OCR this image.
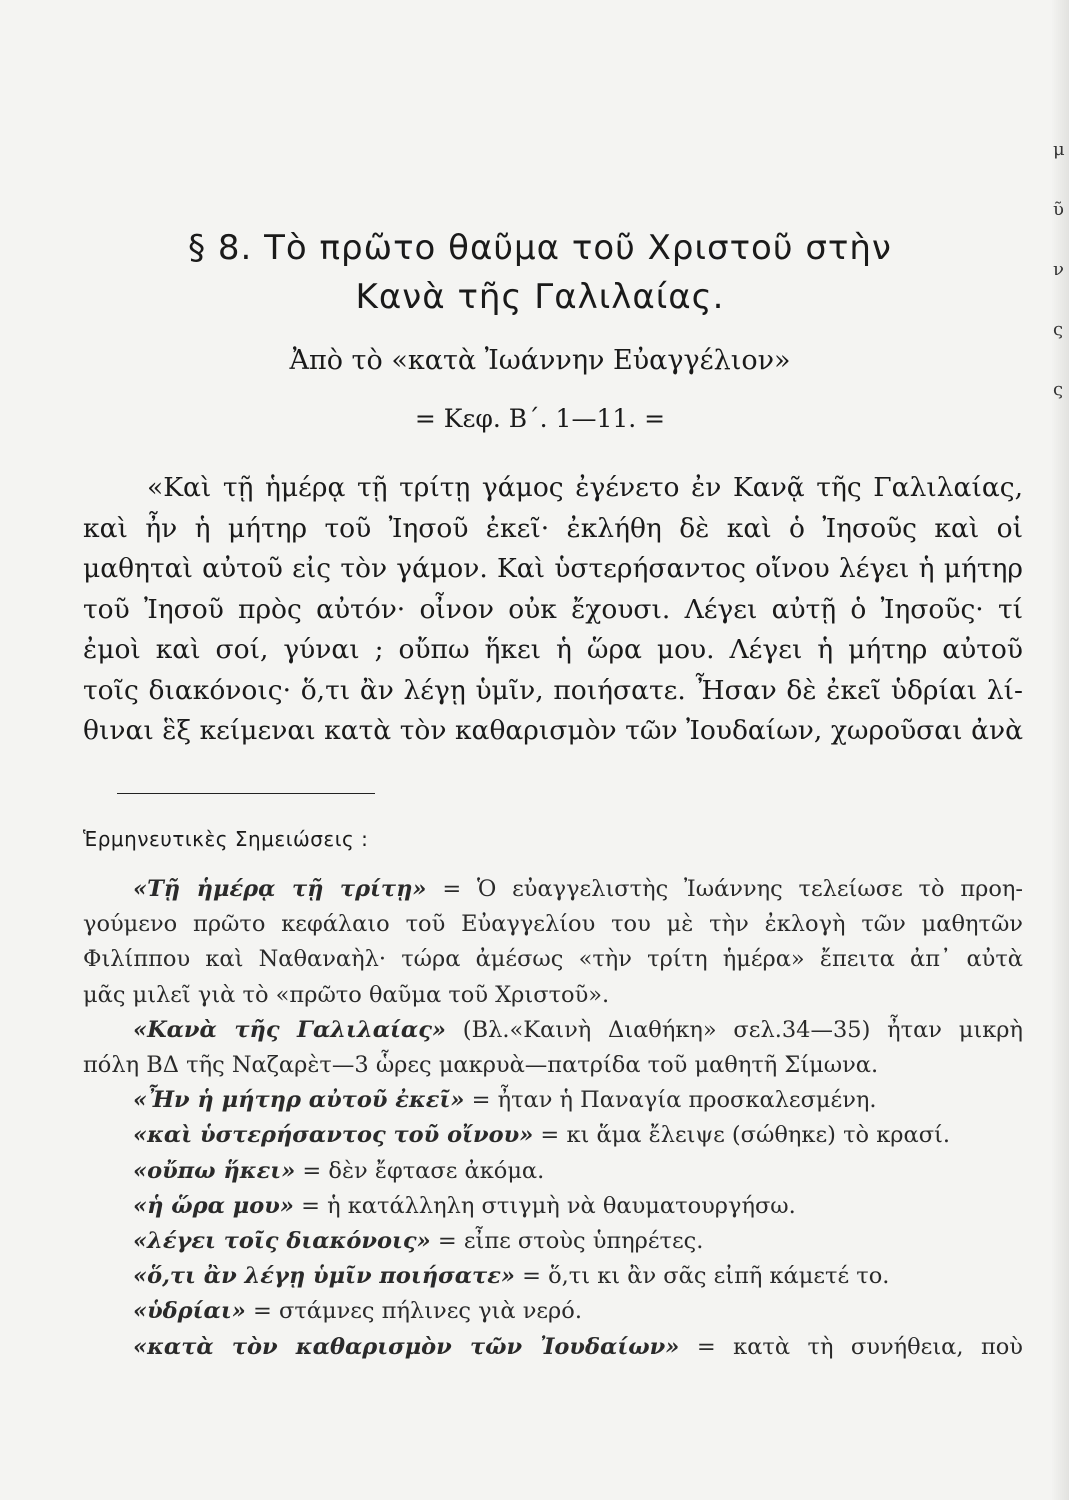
μ
ῦ
ν
ς
ς
§ 8. Τὸ πρῶτο θαῦμα τοῦ Χριστοῦ στὴν
Κανὰ τῆς Γαλιλαίας.
Ἀπὸ τὸ «κατὰ Ἰωάννην Εὐαγγέλιον»
= Κεφ. Β΄. 1—11. =
«Καὶ τῇ ἡμέρᾳ τῇ τρίτῃ γάμος ἐγένετο ἐν Κανᾷ τῆς Γαλιλαίας,
καὶ ἦν ἡ μήτηρ τοῦ Ἰησοῦ ἐκεῖ· ἐκλήθη δὲ καὶ ὁ Ἰησοῦς καὶ οἱ
μαθηταὶ αὐτοῦ εἰς τὸν γάμον. Καὶ ὑστερήσαντος οἴνου λέγει ἡ μήτηρ
τοῦ Ἰησοῦ πρὸς αὐτόν· οἶνον οὐκ ἔχουσι. Λέγει αὐτῇ ὁ Ἰησοῦς· τί
ἐμοὶ καὶ σοί, γύναι ; οὔπω ἥκει ἡ ὥρα μου. Λέγει ἡ μήτηρ αὐτοῦ
τοῖς διακόνοις· ὅ,τι ἂν λέγῃ ὑμῖν, ποιήσατε. Ἦσαν δὲ ἐκεῖ ὑδρίαι λί-
θιναι ἓξ κείμεναι κατὰ τὸν καθαρισμὸν τῶν Ἰουδαίων, χωροῦσαι ἀνὰ
Ἑρμηνευτικὲς Σημειώσεις :
«Τῇ ἡμέρᾳ τῇ τρίτῃ» = Ὁ εὐαγγελιστὴς Ἰωάννης τελείωσε τὸ προη-
γούμενο πρῶτο κεφάλαιο τοῦ Εὐαγγελίου του μὲ τὴν ἐκλογὴ τῶν μαθητῶν
Φιλίππου καὶ Ναθαναὴλ· τώρα ἀμέσως «τὴν τρίτη ἡμέρα» ἔπειτα ἀπ᾽ αὐτὰ
μᾶς μιλεῖ γιὰ τὸ «πρῶτο θαῦμα τοῦ Χριστοῦ».
«Κανὰ τῆς Γαλιλαίας» (Βλ.«Καινὴ Διαθήκη» σελ.34—35) ἦταν μικρὴ
πόλη ΒΔ τῆς Ναζαρὲτ—3 ὧρες μακρυὰ—πατρίδα τοῦ μαθητῆ Σίμωνα.
«Ἦν ἡ μήτηρ αὐτοῦ ἐκεῖ» = ἦταν ἡ Παναγία προσκαλεσμένη.
«καὶ ὑστερήσαντος τοῦ οἴνου» = κι ἅμα ἔλειψε (σώθηκε) τὸ κρασί.
«οὔπω ἥκει» = δὲν ἔφτασε ἀκόμα.
«ἡ ὥρα μου» = ἡ κατάλληλη στιγμὴ νὰ θαυματουργήσω.
«λέγει τοῖς διακόνοις» = εἶπε στοὺς ὑπηρέτες.
«ὅ,τι ἂν λέγῃ ὑμῖν ποιήσατε» = ὅ,τι κι ἂν σᾶς εἰπῆ κάμετέ το.
«ὑδρίαι» = στάμνες πήλινες γιὰ νερό.
«κατὰ τὸν καθαρισμὸν τῶν Ἰουδαίων» = κατὰ τὴ συνήθεια, ποὺ
